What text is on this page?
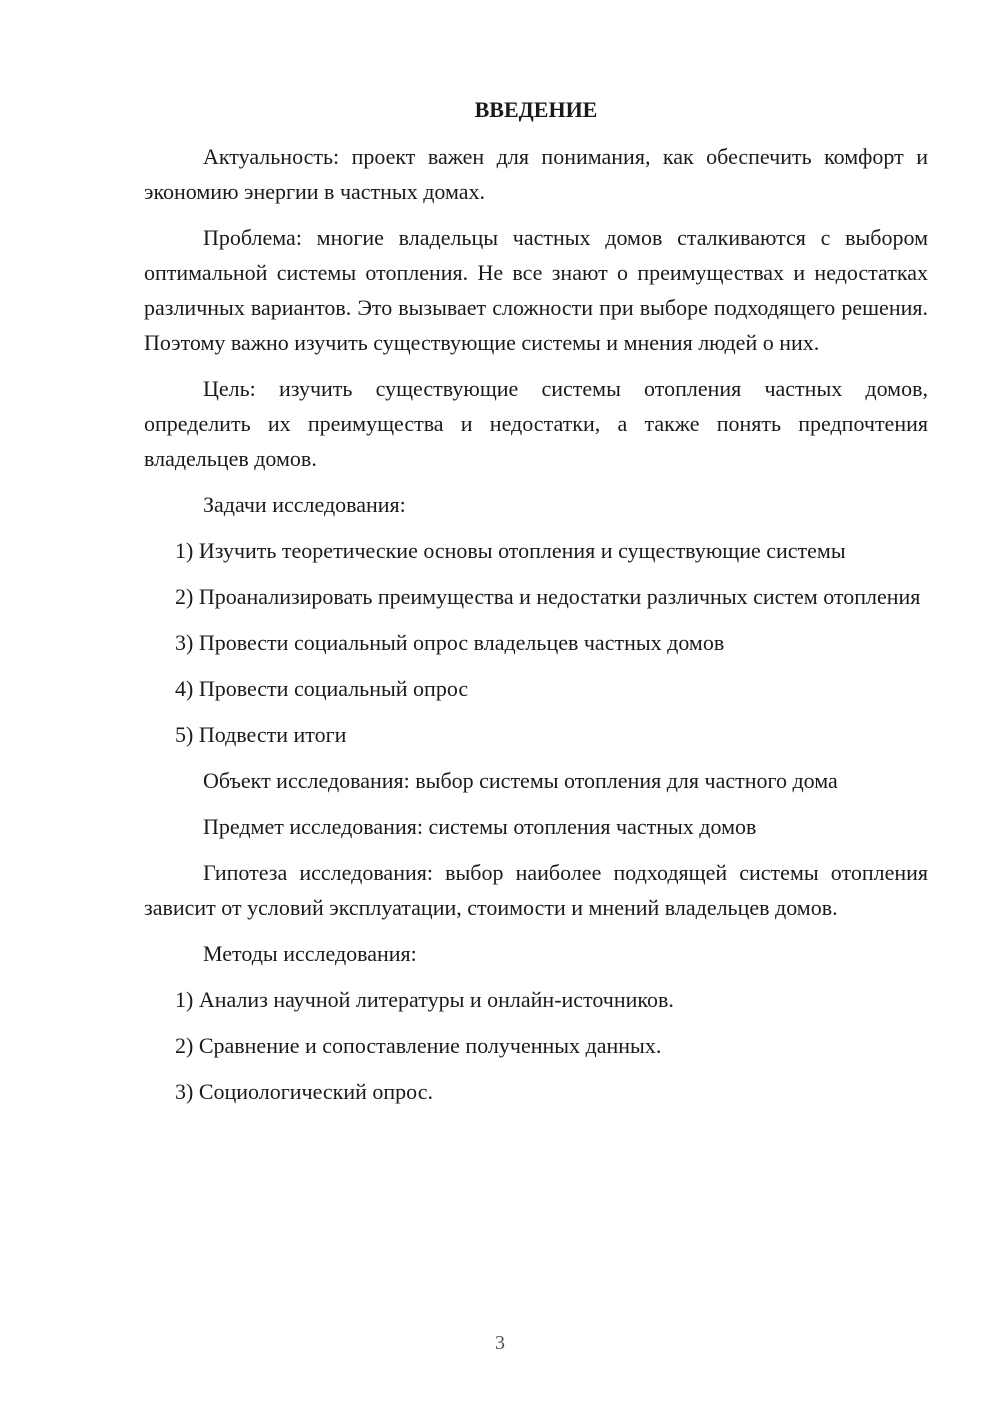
ВВЕДЕНИЕ

Актуальность: проект важен для понимания, как обеспечить комфорт и экономию энергии в частных домах.

Проблема: многие владельцы частных домов сталкиваются с выбором оптимальной системы отопления. Не все знают о преимуществах и недостатках различных вариантов. Это вызывает сложности при выборе подходящего решения. Поэтому важно изучить существующие системы и мнения людей о них.

Цель: изучить существующие системы отопления частных домов, определить их преимущества и недостатки, а также понять предпочтения владельцев домов.

Задачи исследования:

1) Изучить теоретические основы отопления и существующие системы

2) Проанализировать преимущества и недостатки различных систем отопления

3) Провести социальный опрос владельцев частных домов

4) Провести социальный опрос

5) Подвести итоги

Объект исследования: выбор системы отопления для частного дома

Предмет исследования: системы отопления частных домов

Гипотеза исследования: выбор наиболее подходящей системы отопления зависит от условий эксплуатации, стоимости и мнений владельцев домов.

Методы исследования:

1) Анализ научной литературы и онлайн-источников.

2) Сравнение и сопоставление полученных данных.

3) Социологический опрос.

3
